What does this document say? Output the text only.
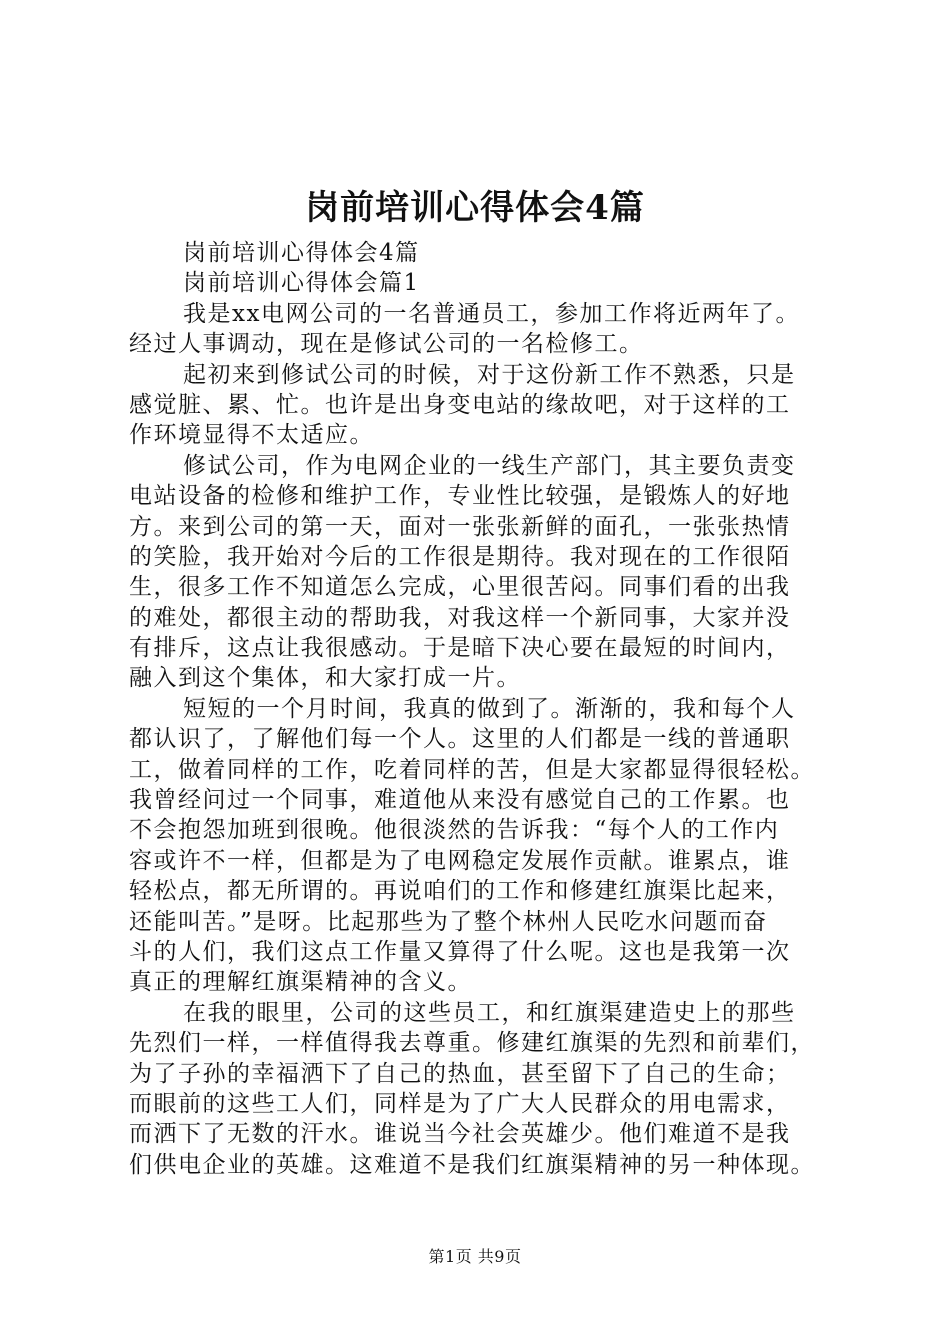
岗前培训心得体会4篇
岗前培训心得体会4篇
岗前培训心得体会篇1
我是xx电网公司的一名普通员工，参加工作将近两年了。
经过人事调动，现在是修试公司的一名检修工。
起初来到修试公司的时候，对于这份新工作不熟悉，只是
感觉脏、累、忙。也许是出身变电站的缘故吧，对于这样的工
作环境显得不太适应。
修试公司，作为电网企业的一线生产部门，其主要负责变
电站设备的检修和维护工作，专业性比较强，是锻炼人的好地
方。来到公司的第一天，面对一张张新鲜的面孔，一张张热情
的笑脸，我开始对今后的工作很是期待。我对现在的工作很陌
生，很多工作不知道怎么完成，心里很苦闷。同事们看的出我
的难处，都很主动的帮助我，对我这样一个新同事，大家并没
有排斥，这点让我很感动。于是暗下决心要在最短的时间内，
融入到这个集体，和大家打成一片。
短短的一个月时间，我真的做到了。渐渐的，我和每个人
都认识了，了解他们每一个人。这里的人们都是一线的普通职
工，做着同样的工作，吃着同样的苦，但是大家都显得很轻松。
我曾经问过一个同事，难道他从来没有感觉自己的工作累。也
不会抱怨加班到很晚。他很淡然的告诉我：“每个人的工作内
容或许不一样，但都是为了电网稳定发展作贡献。谁累点，谁
轻松点，都无所谓的。再说咱们的工作和修建红旗渠比起来，
还能叫苦。”是呀。比起那些为了整个林州人民吃水问题而奋
斗的人们，我们这点工作量又算得了什么呢。这也是我第一次
真正的理解红旗渠精神的含义。
在我的眼里，公司的这些员工，和红旗渠建造史上的那些
先烈们一样，一样值得我去尊重。修建红旗渠的先烈和前辈们，
为了子孙的幸福洒下了自己的热血，甚至留下了自己的生命；
而眼前的这些工人们，同样是为了广大人民群众的用电需求，
而洒下了无数的汗水。谁说当今社会英雄少。他们难道不是我
们供电企业的英雄。这难道不是我们红旗渠精神的另一种体现。
第1页 共9页
